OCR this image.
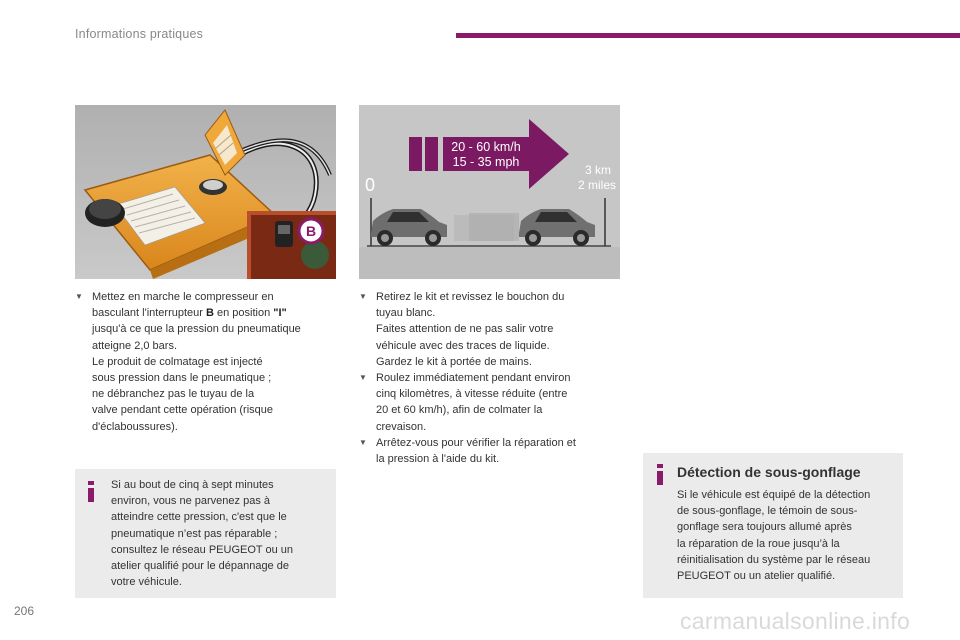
Informations pratiques
B
20 - 60 km/h
15 - 35 mph
0
3 km
2 miles
▼ Mettez en marche le compresseur en
basculant l'interrupteur B en position "I"
jusqu'à ce que la pression du pneumatique
atteigne 2,0 bars.
Le produit de colmatage est injecté
sous pression dans le pneumatique ;
ne débranchez pas le tuyau de la
valve pendant cette opération (risque
d'éclaboussures).
▼ Retirez le kit et revissez le bouchon du
tuyau blanc.
Faites attention de ne pas salir votre
véhicule avec des traces de liquide.
Gardez le kit à portée de mains.
▼ Roulez immédiatement pendant environ
cinq kilomètres, à vitesse réduite (entre
20 et 60 km/h), afin de colmater la
crevaison.
▼ Arrêtez-vous pour vérifier la réparation et
la pression à l'aide du kit.
Si au bout de cinq à sept minutes
environ, vous ne parvenez pas à
atteindre cette pression, c'est que le
pneumatique n’est pas réparable ;
consultez le réseau PEUGEOT ou un
atelier qualifié pour le dépannage de
votre véhicule.
Détection de sous-gonflage
Si le véhicule est équipé de la détection
de sous-gonflage, le témoin de sous-
gonflage sera toujours allumé après
la réparation de la roue jusqu’à la
réinitialisation du système par le réseau
PEUGEOT ou un atelier qualifié.
206	carmanualsonline.info
